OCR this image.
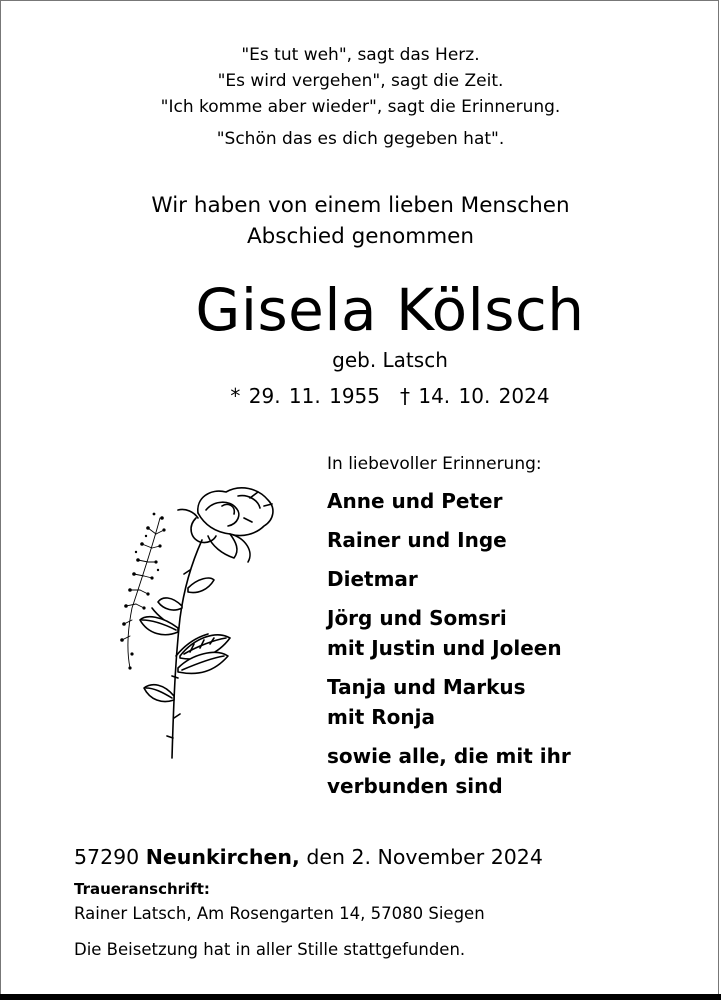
"Es tut weh", sagt das Herz.
"Es wird vergehen", sagt die Zeit.
"Ich komme aber wieder", sagt die Erinnerung.
"Schön das es dich gegeben hat".
Wir haben von einem lieben Menschen
Abschied genommen
Gisela Kölsch
geb. Latsch
* 29. 11. 1955 † 14. 10. 2024
In liebevoller Erinnerung:
Anne und Peter
Rainer und Inge
Dietmar
Jörg und Somsri
mit Justin und Joleen
Tanja und Markus
mit Ronja
sowie alle, die mit ihr
verbunden sind
57290 Neunkirchen, den 2. November 2024
Traueranschrift:
Rainer Latsch, Am Rosengarten 14, 57080 Siegen
Die Beisetzung hat in aller Stille stattgefunden.
